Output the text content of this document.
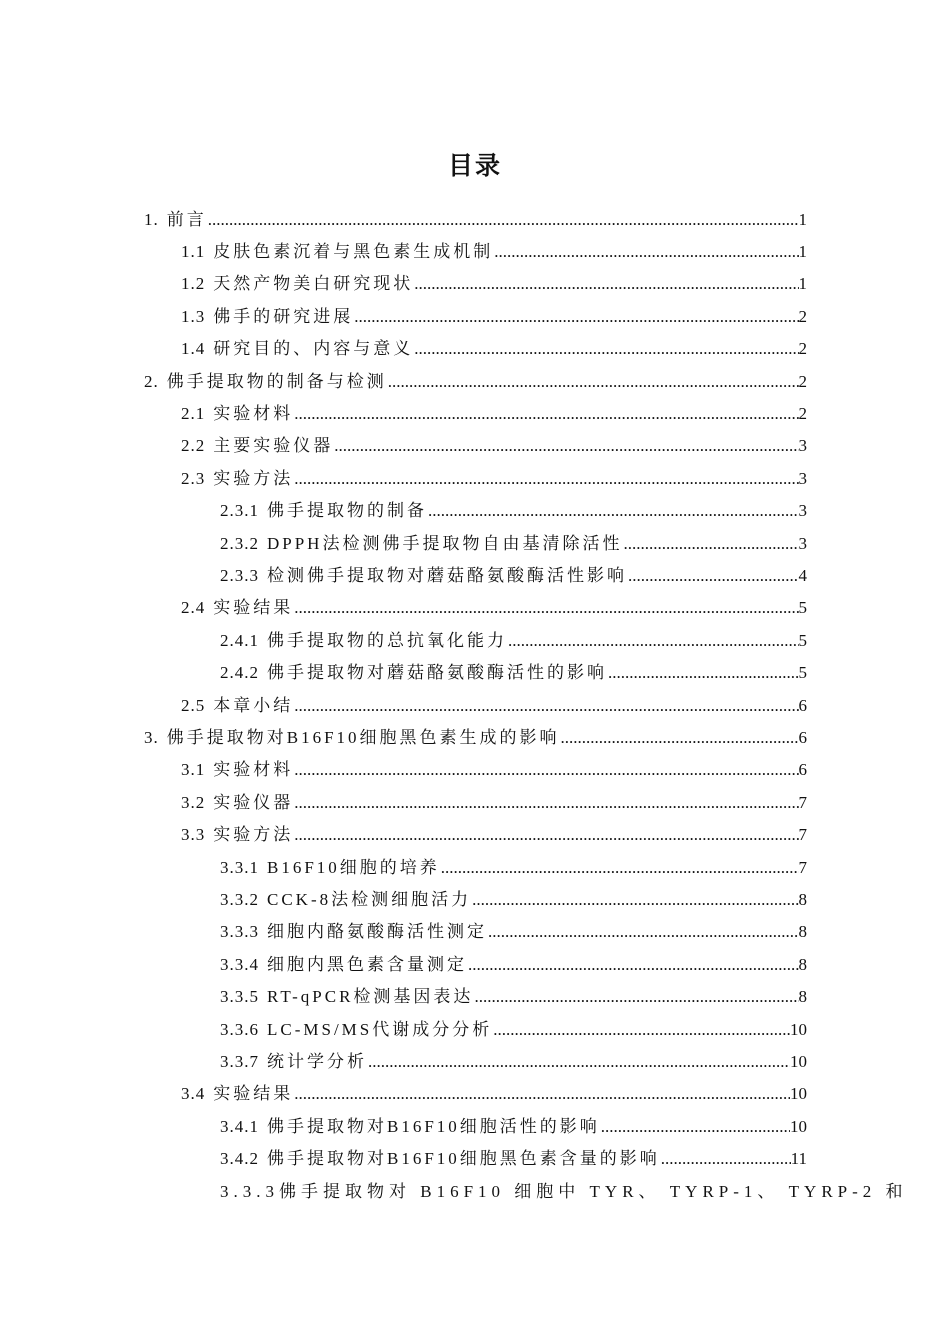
目录
1. 前言 .....	1
1.1 皮肤色素沉着与黑色素生成机制 .....	1
1.2 天然产物美白研究现状 .....	1
1.3 佛手的研究进展 .....	2
1.4 研究目的、内容与意义 .....	2
2. 佛手提取物的制备与检测 .....	2
2.1 实验材料 .....	2
2.2 主要实验仪器 .....	3
2.3 实验方法 .....	3
2.3.1 佛手提取物的制备 .....	3
2.3.2 DPPH法检测佛手提取物自由基清除活性 .....	3
2.3.3 检测佛手提取物对蘑菇酪氨酸酶活性影响 .....	4
2.4 实验结果 .....	5
2.4.1 佛手提取物的总抗氧化能力 .....	5
2.4.2 佛手提取物对蘑菇酪氨酸酶活性的影响 .....	5
2.5 本章小结 .....	6
3. 佛手提取物对B16F10细胞黑色素生成的影响 .....	6
3.1 实验材料 .....	6
3.2 实验仪器 .....	7
3.3 实验方法 .....	7
3.3.1 B16F10细胞的培养 .....	7
3.3.2 CCK-8法检测细胞活力 .....	8
3.3.3 细胞内酪氨酸酶活性测定 .....	8
3.3.4 细胞内黑色素含量测定 .....	8
3.3.5 RT-qPCR检测基因表达 .....	8
3.3.6 LC-MS/MS代谢成分分析 .....	10
3.3.7 统计学分析 .....	10
3.4 实验结果 .....	10
3.4.1 佛手提取物对B16F10细胞活性的影响 .....	10
3.4.2 佛手提取物对B16F10细胞黑色素含量的影响 .....	11
3.3.3佛手提取物对 B16F10 细胞中 TYR、 TYRP-1、 TYRP-2 和
